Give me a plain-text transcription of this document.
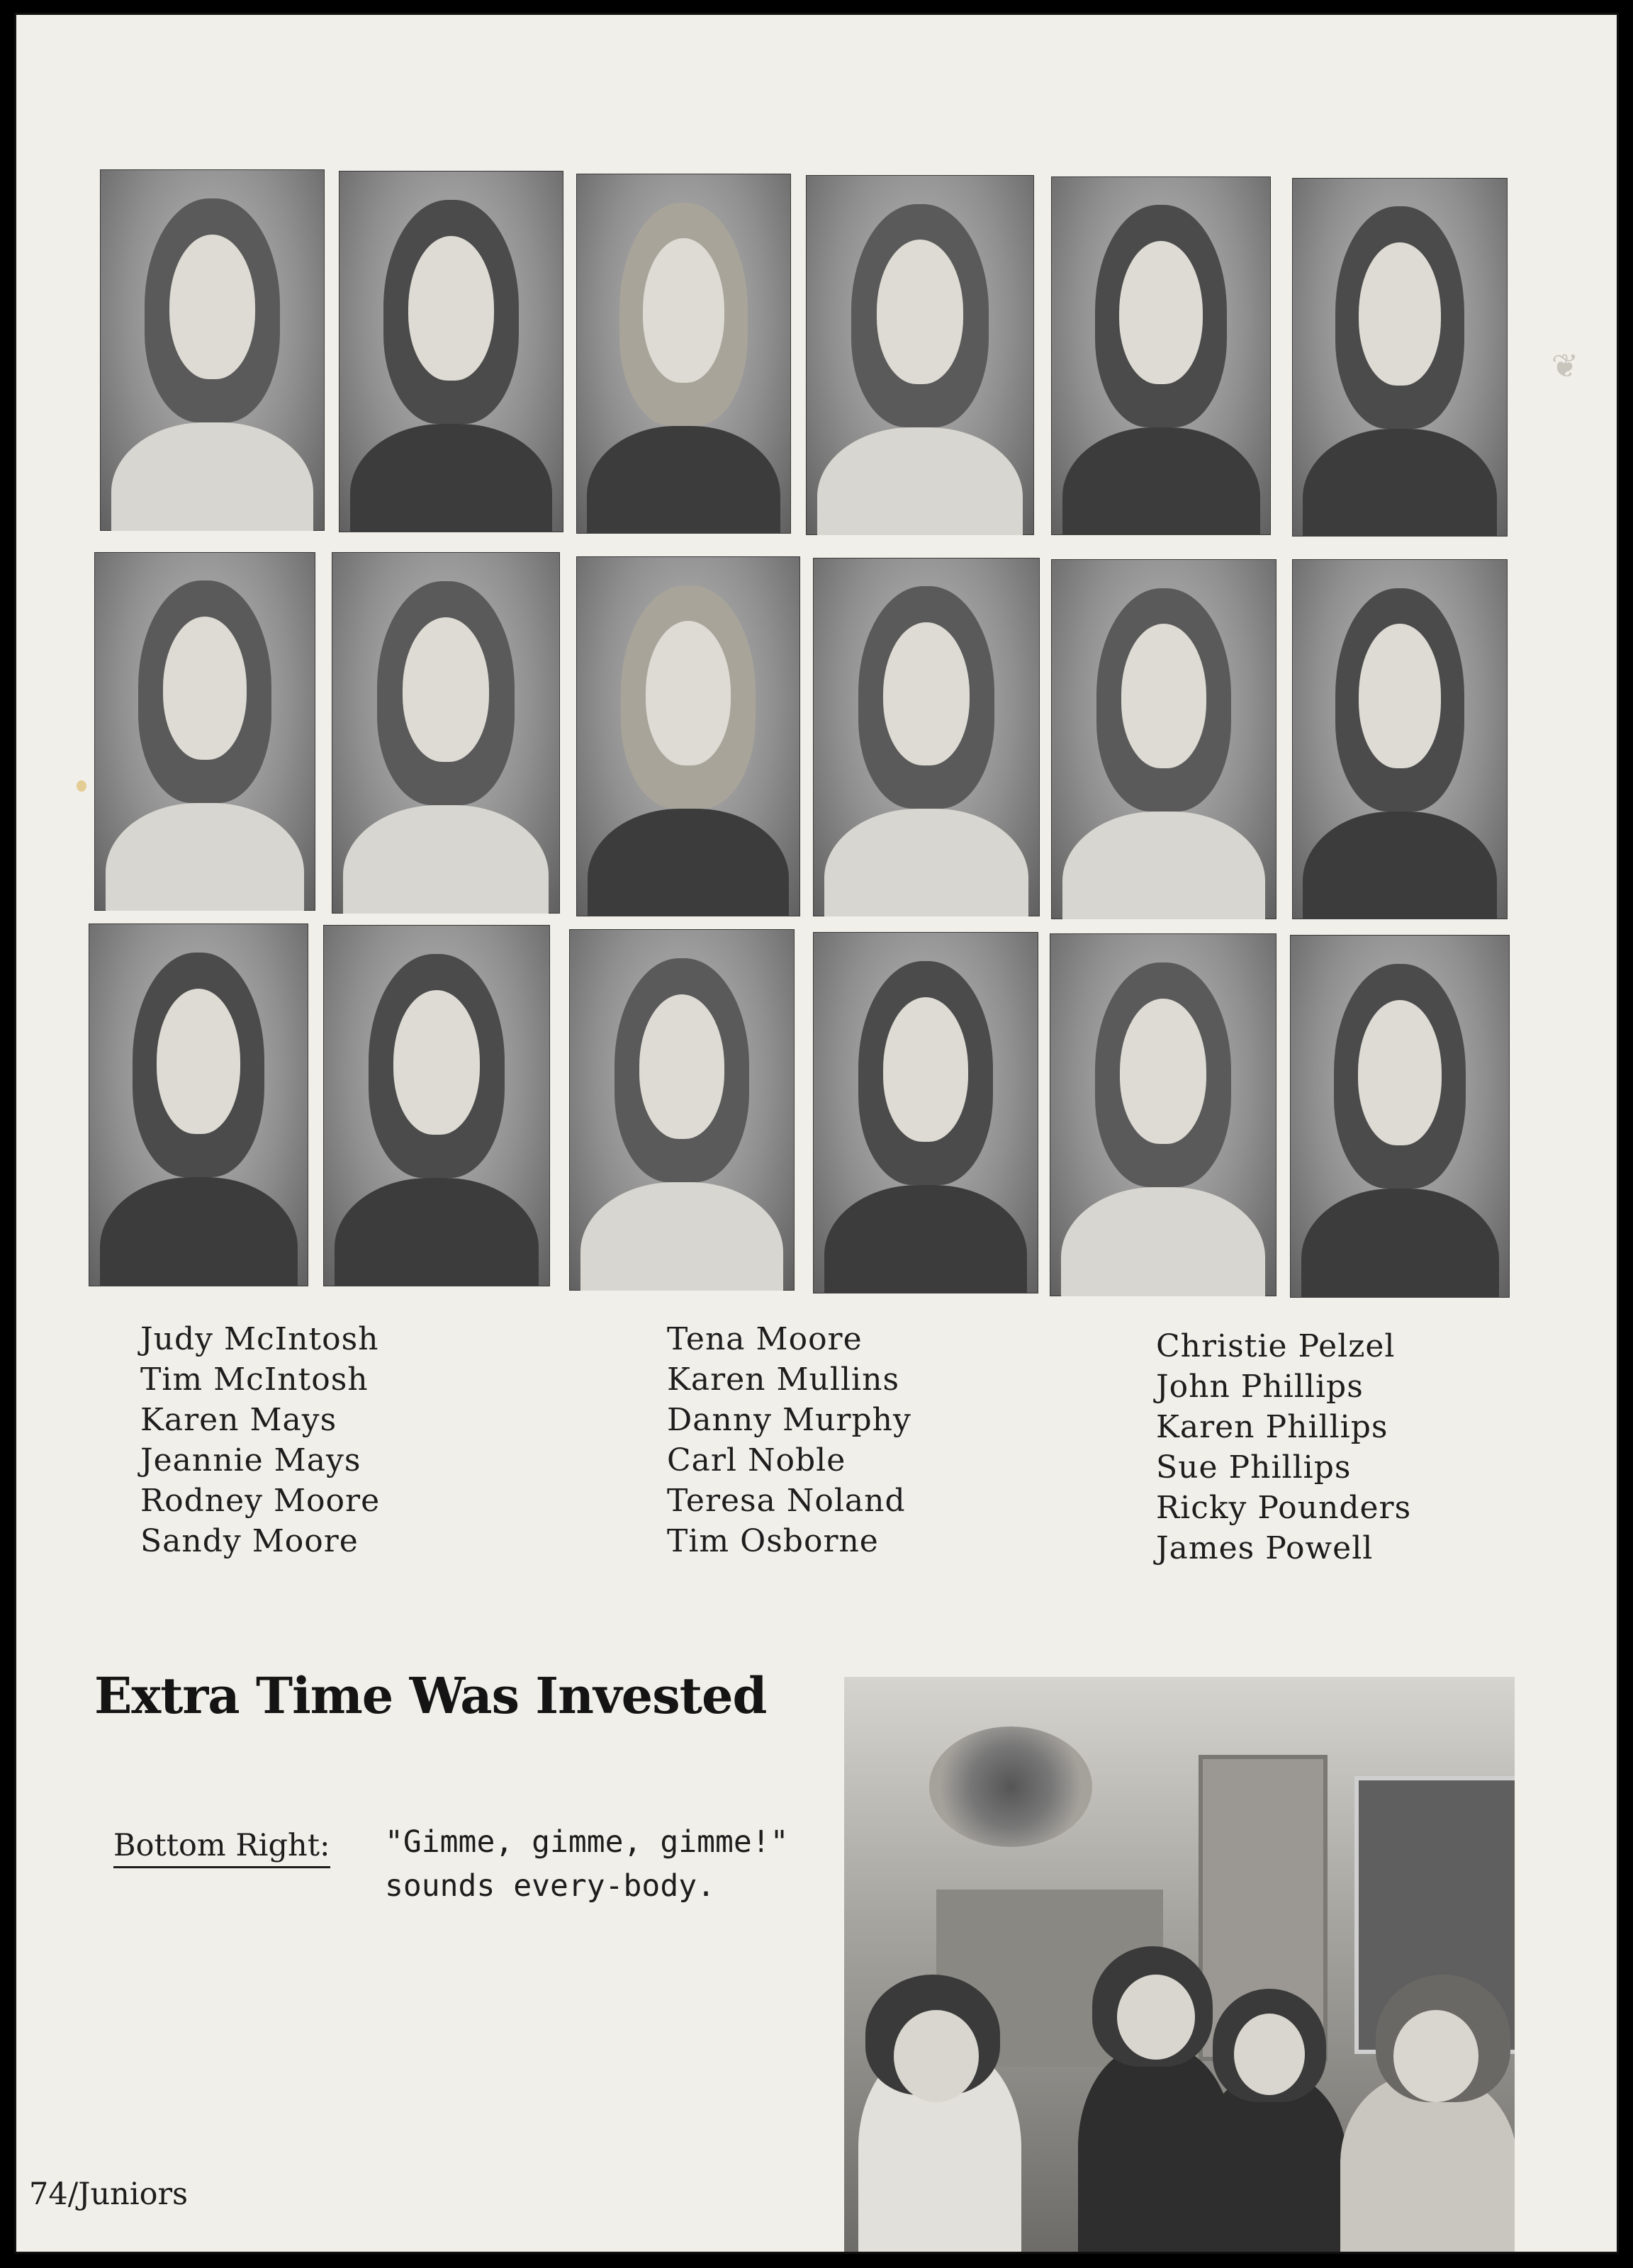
❦
Judy McIntosh
Tim McIntosh
Karen Mays
Jeannie Mays
Rodney Moore
Sandy Moore
Tena Moore
Karen Mullins
Danny Murphy
Carl Noble
Teresa Noland
Tim Osborne
Christie Pelzel
John Phillips
Karen Phillips
Sue Phillips
Ricky Pounders
James Powell
Extra Time Was Invested
Bottom Right: "Gimme, gimme, gimme!" sounds every-body.
74/Juniors
